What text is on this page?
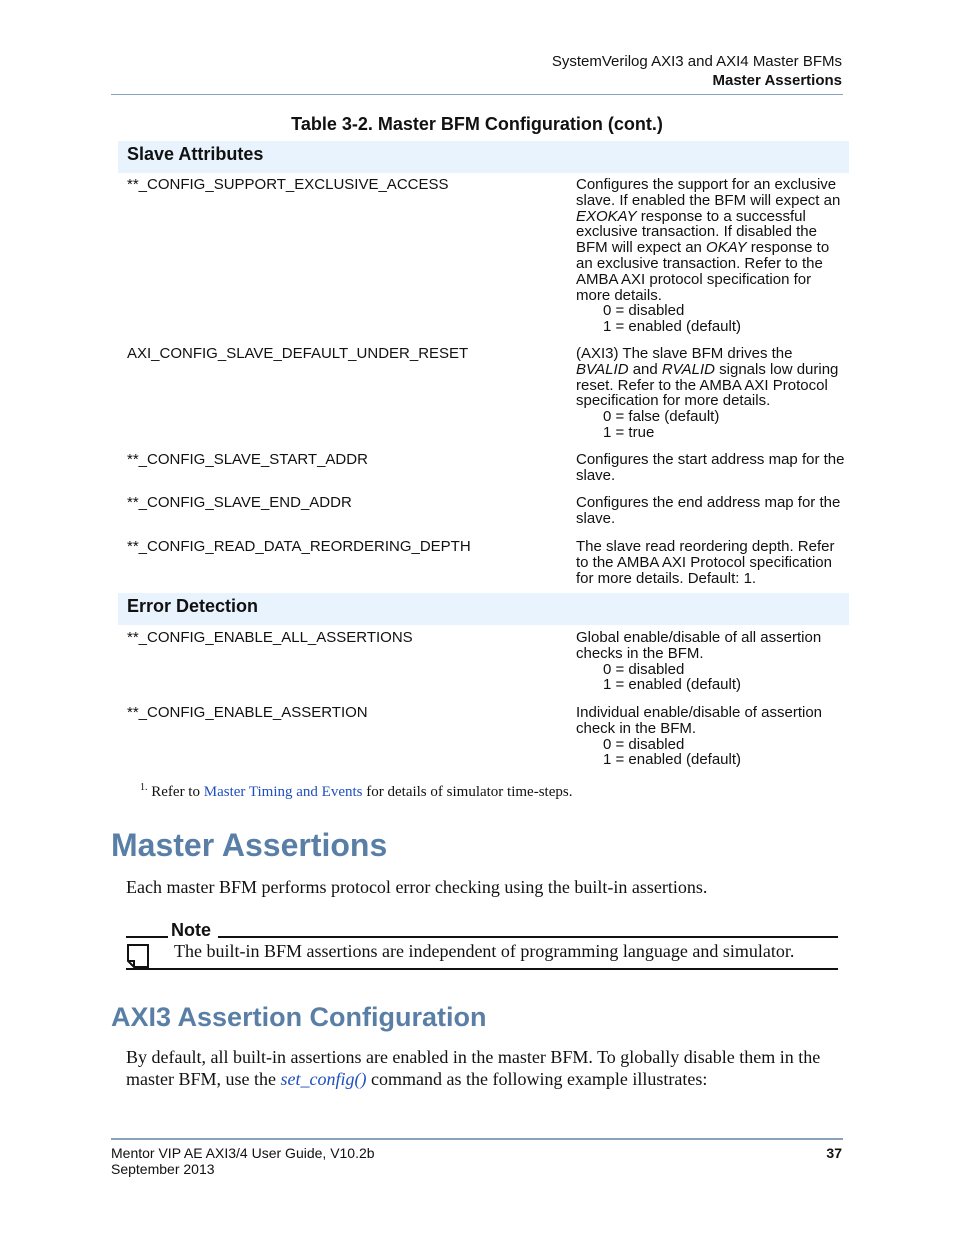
SystemVerilog AXI3 and AXI4 Master BFMs
Master Assertions
Table 3-2. Master BFM Configuration (cont.)
Slave Attributes
**_CONFIG_SUPPORT_EXCLUSIVE_ACCESS	Configures the support for an exclusive slave. If enabled the BFM will expect an EXOKAY response to a successful exclusive transaction. If disabled the BFM will expect an OKAY response to an exclusive transaction. Refer to the AMBA AXI protocol specification for more details.
0 = disabled
1 = enabled (default)
AXI_CONFIG_SLAVE_DEFAULT_UNDER_RESET	(AXI3) The slave BFM drives the BVALID and RVALID signals low during reset. Refer to the AMBA AXI Protocol specification for more details.
0 = false (default)
1 = true
**_CONFIG_SLAVE_START_ADDR	Configures the start address map for the slave.
**_CONFIG_SLAVE_END_ADDR	Configures the end address map for the slave.
**_CONFIG_READ_DATA_REORDERING_DEPTH	The slave read reordering depth. Refer to the AMBA AXI Protocol specification for more details. Default: 1.
Error Detection
**_CONFIG_ENABLE_ALL_ASSERTIONS	Global enable/disable of all assertion checks in the BFM.
0 = disabled
1 = enabled (default)
**_CONFIG_ENABLE_ASSERTION	Individual enable/disable of assertion check in the BFM.
0 = disabled
1 = enabled (default)
$^{1.}$ Refer to Master Timing and Events for details of simulator time-steps.
Master Assertions
Each master BFM performs protocol error checking using the built-in assertions.
Note
The built-in BFM assertions are independent of programming language and simulator.
AXI3 Assertion Configuration
By default, all built-in assertions are enabled in the master BFM. To globally disable them in the master BFM, use the set_config() command as the following example illustrates:
Mentor VIP AE AXI3/4 User Guide, V10.2b
September 2013
37
